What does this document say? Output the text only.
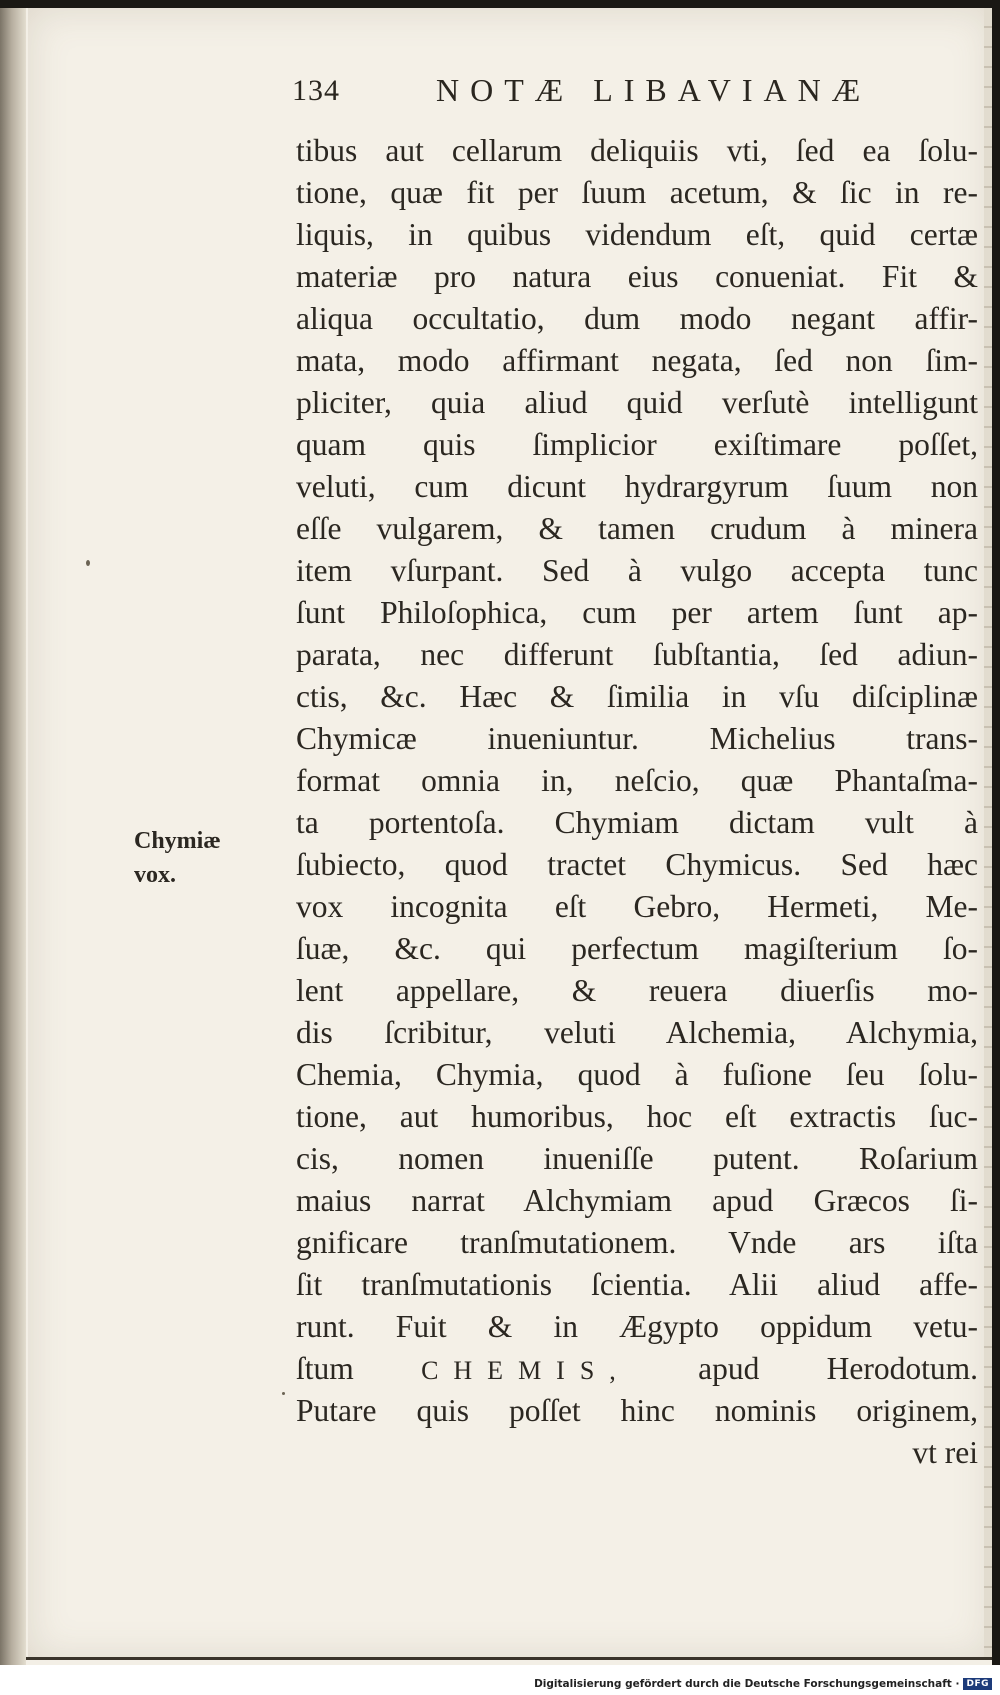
134	NOTÆ LIBAVIANÆ
Chymiæ
vox.
tibus aut cellarum deliquiis vti, ſed ea ſolu-
tione, quæ fit per ſuum acetum, & ſic in re-
liquis, in quibus videndum eſt, quid certæ
materiæ pro natura eius conueniat. Fit &
aliqua occultatio, dum modo negant affir-
mata, modo affirmant negata, ſed non ſim-
pliciter, quia aliud quid verſutè intelligunt
quam quis ſimplicior exiſtimare poſſet,
veluti, cum dicunt hydrargyrum ſuum non
eſſe vulgarem, & tamen crudum à minera
item vſurpant. Sed à vulgo accepta tunc
ſunt Philoſophica, cum per artem ſunt ap-
parata, nec differunt ſubſtantia, ſed adiun-
ctis, &c. Hæc & ſimilia in vſu diſciplinæ
Chymicæ inueniuntur. Michelius trans-
format omnia in, neſcio, quæ Phantaſma-
ta portentoſa. Chymiam dictam vult à
ſubiecto, quod tractet Chymicus. Sed hæc
vox incognita eſt Gebro, Hermeti, Me-
ſuæ, &c. qui perfectum magiſterium ſo-
lent appellare, & reuera diuerſis mo-
dis ſcribitur, veluti Alchemia, Alchymia,
Chemia, Chymia, quod à fuſione ſeu ſolu-
tione, aut humoribus, hoc eſt extractis ſuc-
cis, nomen inueniſſe putent. Roſarium
maius narrat Alchymiam apud Græcos ſi-
gnificare tranſmutationem. Vnde ars iſta
ſit tranſmutationis ſcientia. Alii aliud affe-
runt. Fuit & in Ægypto oppidum vetu-
ſtum	CHEMIS, apud Herodotum.
Putare quis poſſet hinc nominis originem,
vt rei
Digitalisierung gefördert durch die Deutsche Forschungsgemeinschaft · DFG
